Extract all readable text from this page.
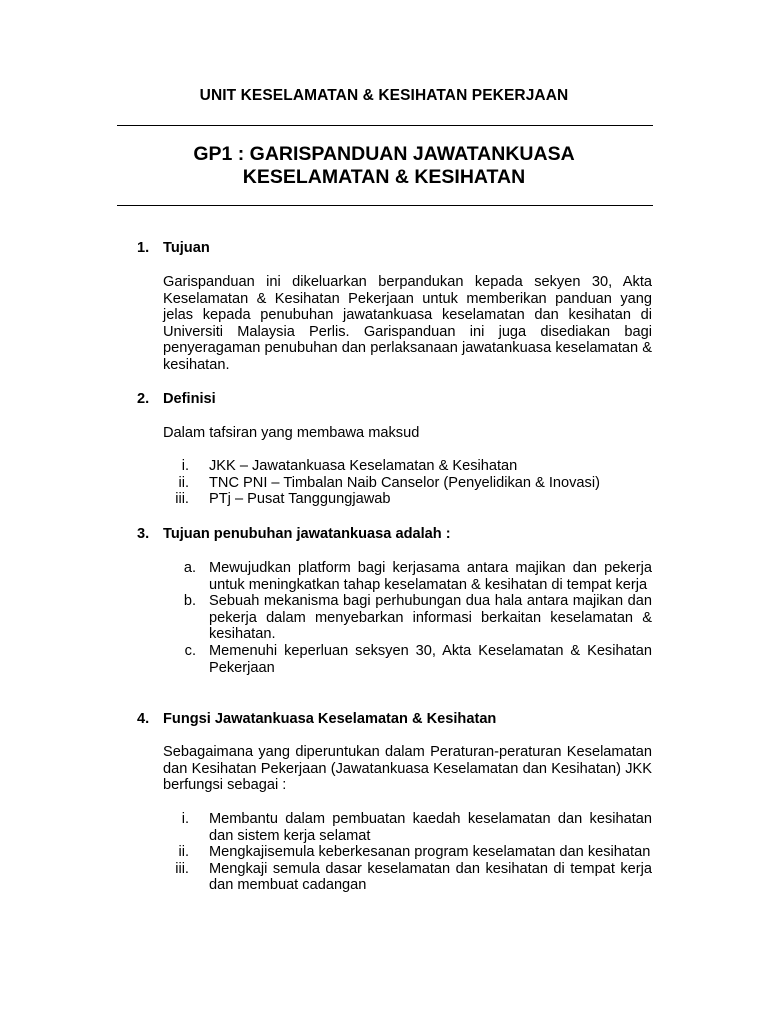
UNIT KESELAMATAN & KESIHATAN PEKERJAAN
GP1 : GARISPANDUAN JAWATANKUASA
KESELAMATAN & KESIHATAN
1. Tujuan
Garispanduan ini dikeluarkan berpandukan kepada sekyen 30, Akta Keselamatan & Kesihatan Pekerjaan untuk memberikan panduan yang jelas kepada penubuhan jawatankuasa keselamatan dan kesihatan di Universiti Malaysia Perlis. Garispanduan ini juga disediakan bagi penyeragaman penubuhan dan perlaksanaan jawatankuasa keselamatan & kesihatan.
2. Definisi
Dalam tafsiran yang membawa maksud
i. JKK – Jawatankuasa Keselamatan & Kesihatan
ii. TNC PNI – Timbalan Naib Canselor (Penyelidikan & Inovasi)
iii. PTj – Pusat Tanggungjawab
3. Tujuan penubuhan jawatankuasa adalah :
a. Mewujudkan platform bagi kerjasama antara majikan dan pekerja untuk meningkatkan tahap keselamatan & kesihatan di tempat kerja
b. Sebuah mekanisma bagi perhubungan dua hala antara majikan dan pekerja dalam menyebarkan informasi berkaitan keselamatan & kesihatan.
c. Memenuhi keperluan seksyen 30, Akta Keselamatan & Kesihatan Pekerjaan
4. Fungsi Jawatankuasa Keselamatan & Kesihatan
Sebagaimana yang diperuntukan dalam Peraturan-peraturan Keselamatan dan Kesihatan Pekerjaan (Jawatankuasa Keselamatan dan Kesihatan) JKK berfungsi sebagai :
i. Membantu dalam pembuatan kaedah keselamatan dan kesihatan dan sistem kerja selamat
ii. Mengkajisemula keberkesanan program keselamatan dan kesihatan
iii. Mengkaji semula dasar keselamatan dan kesihatan di tempat kerja dan membuat cadangan
